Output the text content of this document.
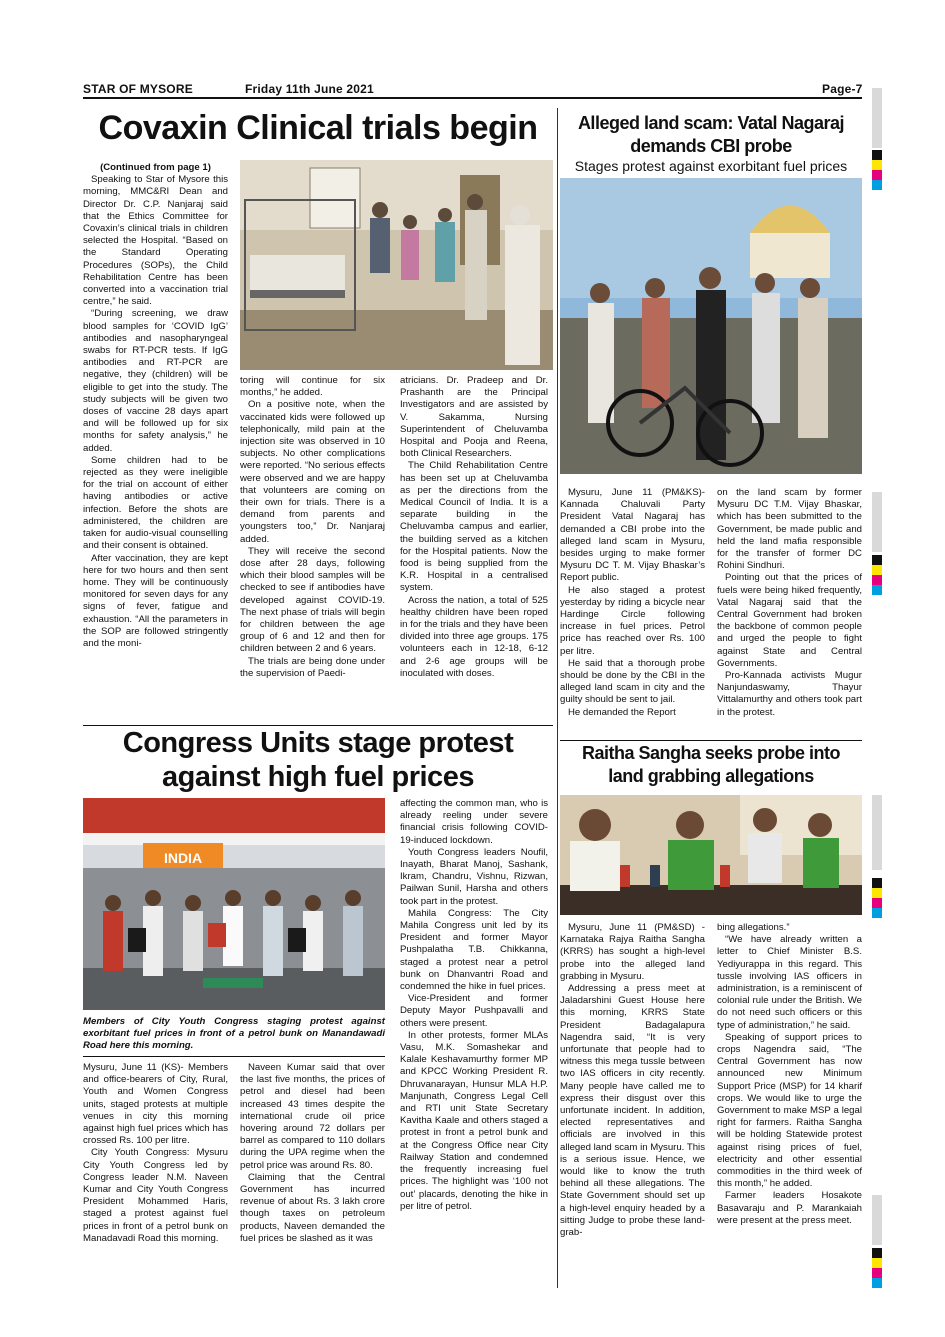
STAR OF MYSORE	Friday 11th June 2021	Page-7
Covaxin Clinical trials begin

(Continued from page 1)

Speaking to Star of Mysore this morning, MMC&RI Dean and Director Dr. C.P. Nanjaraj said that the Ethics Committee for Covaxin’s clinical trials in children selected the Hospital. “Based on the Standard Operating Procedures (SOPs), the Child Rehabilitation Centre has been converted into a vaccination trial centre,” he said.

“During screening, we draw blood samples for ‘COVID IgG’ antibodies and nasopharyngeal swabs for RT-PCR tests. If IgG antibodies and RT-PCR are negative, they (children) will be eligible to get into the study. The study subjects will be given two doses of vaccine 28 days apart and will be followed up for six months for safety analysis,” he added.

Some children had to be rejected as they were ineligible for the trial on account of either having antibodies or active infection. Before the shots are administered, the children are taken for audio-visual counselling and their consent is obtained.

After vaccination, they are kept here for two hours and then sent home. They will be continuously monitored for seven days for any signs of fever, fatigue and exhaustion. “All the parameters in the SOP are followed stringently and the moni-

toring will continue for six months,” he added.

On a positive note, when the vaccinated kids were followed up telephonically, mild pain at the injection site was observed in 10 subjects. No other complications were reported. “No serious effects were observed and we are happy that volunteers are coming on their own for trials. There is a demand from parents and youngsters too,” Dr. Nanjaraj added.

They will receive the second dose after 28 days, following which their blood samples will be checked to see if antibodies have developed against COVID-19. The next phase of trials will begin for children between the age group of 6 and 12 and then for children between 2 and 6 years.

The trials are being done under the supervision of Paedi-

atricians. Dr. Pradeep and Dr. Prashanth are the Principal Investigators and are assisted by V. Sakamma, Nursing Superintendent of Cheluvamba Hospital and Pooja and Reena, both Clinical Researchers.

The Child Rehabilitation Centre has been set up at Cheluvamba as per the directions from the Medical Council of India. It is a separate building in the Cheluvamba campus and earlier, the building served as a kitchen for the Hospital patients. Now the food is being supplied from the K.R. Hospital in a centralised system.

Across the nation, a total of 525 healthy children have been roped in for the trials and they have been divided into three age groups. 175 volunteers each in 12-18, 6-12 and 2-6 age groups will be inoculated with doses.

Alleged land scam: Vatal Nagaraj
demands CBI probe
Stages protest against exorbitant fuel prices

Mysuru, June 11 (PM&KS)- Kannada Chaluvali Party President Vatal Nagaraj has demanded a CBI probe into the alleged land scam in Mysuru, besides urging to make former Mysuru DC T. M. Vijay Bhaskar’s Report public.

He also staged a protest yesterday by riding a bicycle near Hardinge Circle following increase in fuel prices. Petrol price has reached over Rs. 100 per litre.

He said that a thorough probe should be done by the CBI in the alleged land scam in city and the guilty should be sent to jail.

He demanded the Report

on the land scam by former Mysuru DC T.M. Vijay Bhaskar, which has been submitted to the Government, be made public and held the land mafia responsible for the transfer of former DC Rohini Sindhuri.

Pointing out that the prices of fuels were being hiked frequently, Vatal Nagaraj said that the Central Government had broken the backbone of common people and urged the people to fight against State and Central Governments.

Pro-Kannada activists Mugur Nanjundaswamy, Thayur Vittalamurthy and others took part in the protest.

Congress Units stage protest
against high fuel prices
INDIA
Members of City Youth Congress staging protest against exorbitant fuel prices in front of a petrol bunk on Manandawadi Road here this morning.

Mysuru, June 11 (KS)- Members and office-bearers of City, Rural, Youth and Women Congress units, staged protests at multiple venues in city this morning against high fuel prices which has crossed Rs. 100 per litre.

City Youth Congress: Mysuru City Youth Congress led by Congress leader N.M. Naveen Kumar and City Youth Congress President Mohammed Haris, staged a protest against fuel prices in front of a petrol bunk on Manadavadi Road this morning.

Naveen Kumar said that over the last five months, the prices of petrol and diesel had been increased 43 times despite the international crude oil price hovering around 72 dollars per barrel as compared to 110 dollars during the UPA regime when the petrol price was around Rs. 80.

Claiming that the Central Government has incurred revenue of about Rs. 3 lakh crore though taxes on petroleum products, Naveen demanded the fuel prices be slashed as it was

affecting the common man, who is already reeling under severe financial crisis following COVID-19-induced lockdown.

Youth Congress leaders Noufil, Inayath, Bharat Manoj, Sashank, Ikram, Chandru, Vishnu, Rizwan, Pailwan Sunil, Harsha and others took part in the protest.

Mahila Congress: The City Mahila Congress unit led by its President and former Mayor Pushpalatha T.B. Chikkanna, staged a protest near a petrol bunk on Dhanvantri Road and condemned the hike in fuel prices.

Vice-President and former Deputy Mayor Pushpavalli and others were present.

In other protests, former MLAs Vasu, M.K. Somashekar and Kalale Keshavamurthy former MP and KPCC Working President R. Dhruvanarayan, Hunsur MLA H.P. Manjunath, Congress Legal Cell and RTI unit State Secretary Kavitha Kaale and others staged a protest in front a petrol bunk and at the Congress Office near City Railway Station and condemned the frequently increasing fuel prices. The highlight was ‘100 not out’ placards, denoting the hike in per litre of petrol.

Raitha Sangha seeks probe into
land grabbing allegations

Mysuru, June 11 (PM&SD) - Karnataka Rajya Raitha Sangha (KRRS) has sought a high-level probe into the alleged land grabbing in Mysuru.

Addressing a press meet at Jaladarshini Guest House here this morning, KRRS State President Badagalapura Nagendra said, “It is very unfortunate that people had to witness this mega tussle between two IAS officers in city recently. Many people have called me to express their disgust over this unfortunate incident. In addition, elected representatives and officials are involved in this alleged land scam in Mysuru. This is a serious issue. Hence, we would like to know the truth behind all these allegations. The State Government should set up a high-level enquiry headed by a sitting Judge to probe these land-grab-

bing allegations.”

“We have already written a letter to Chief Minister B.S. Yediyurappa in this regard. This tussle involving IAS officers in administration, is a reminiscent of colonial rule under the British. We do not need such officers or this type of administration,” he said.

Speaking of support prices to crops Nagendra said, “The Central Government has now announced new Minimum Support Price (MSP) for 14 kharif crops. We would like to urge the Government to make MSP a legal right for farmers. Raitha Sangha will be holding Statewide protest against rising prices of fuel, electricity and other essential commodities in the third week of this month,” he added.

Farmer leaders Hosakote Basavaraju and P. Marankaiah were present at the press meet.
